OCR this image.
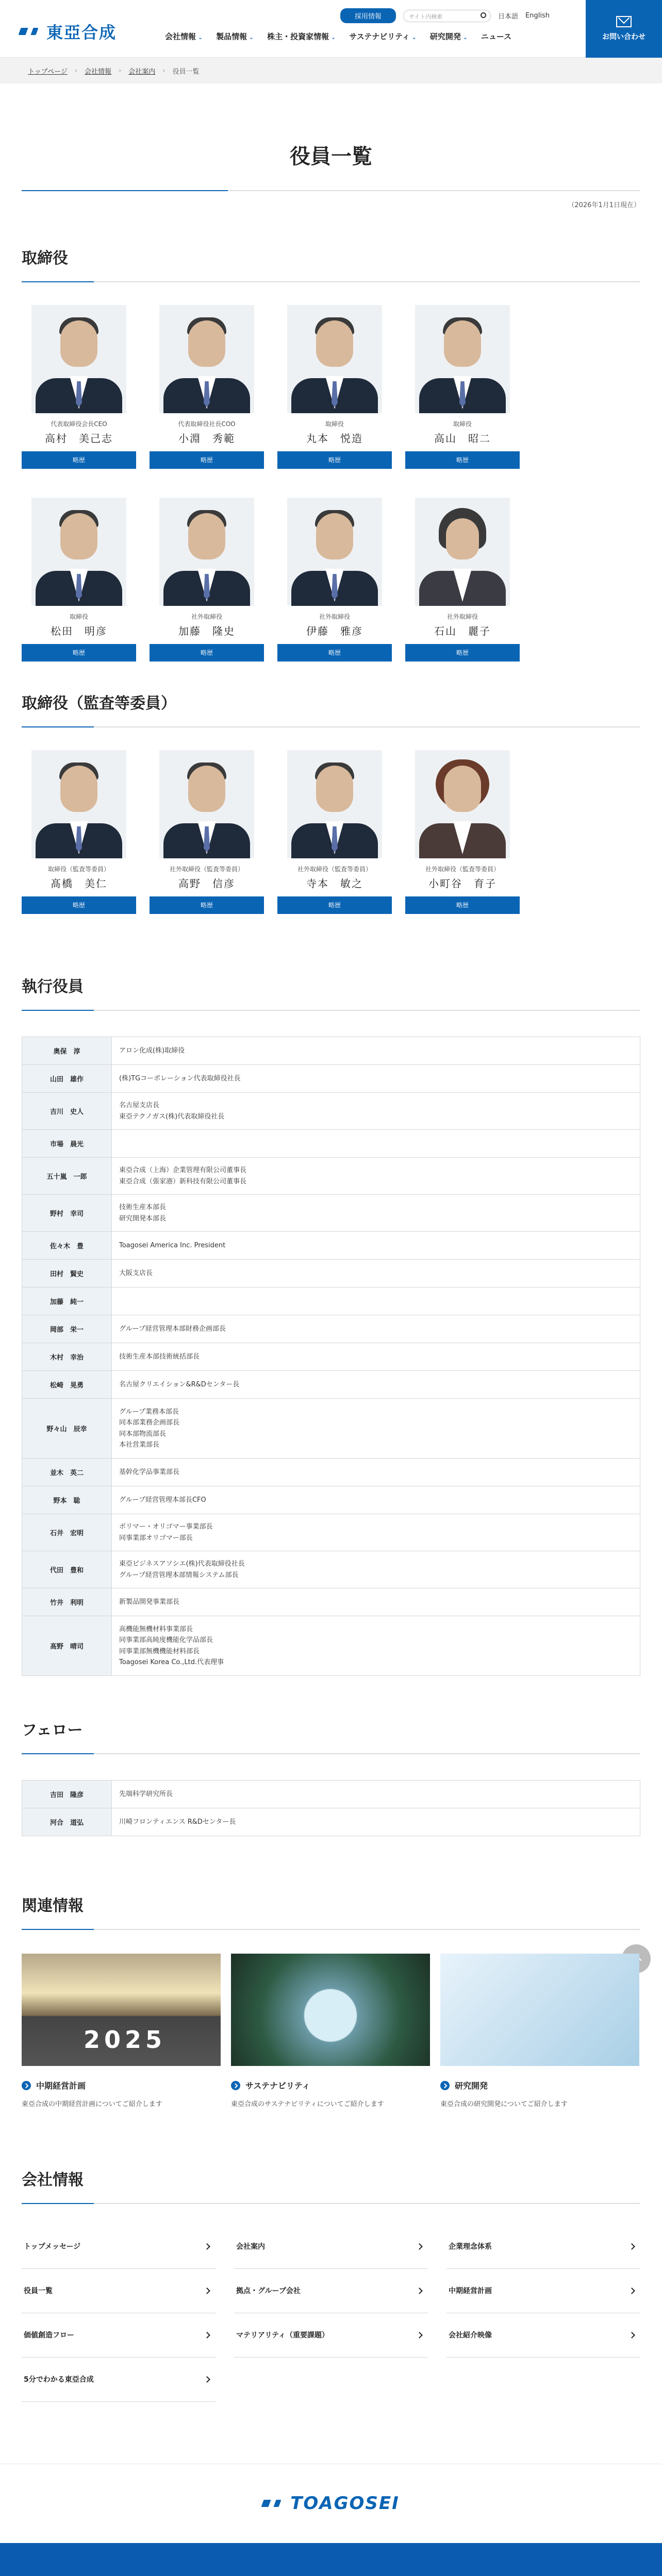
東亞合成
採用情報	サイト内検索	日本語 English
会社情報 ⌄	製品情報 ⌄	株主・投資家情報 ⌄	サステナビリティ ⌄	研究開発 ⌄	ニュース	お問い合わせ
トップページ › 会社情報 › 会社案内 › 役員一覧
役員一覧
（2026年1月1日現在）
取締役
代表取締役会長CEO
高村　美己志
略歴
代表取締役社長COO
小淵　秀範
略歴
取締役
丸本　悦造
略歴
取締役
高山　昭二
略歴
取締役
松田　明彦
略歴
社外取締役
加藤　隆史
略歴
社外取締役
伊藤　雅彦
略歴
社外取締役
石山　麗子
略歴
取締役（監査等委員）
取締役（監査等委員）
髙橋　美仁
略歴
社外取締役（監査等委員）
高野　信彦
略歴
社外取締役（監査等委員）
寺本　敏之
略歴
社外取締役（監査等委員）
小町谷　育子
略歴
執行役員
奥保　淳	アロン化成(株)取締役

山田　雄作	(株)TGコーポレーション代表取締役社長

吉川　史人	名古屋支店長
東亞テクノガス(株)代表取締役社長

市場　晨光	

五十嵐　一郎	東亞合成（上海）企業管理有限公司董事長
東亞合成（張家港）新科技有限公司董事長

野村　幸司	技術生産本部長
研究開発本部長

佐々木　豊	Toagosei America Inc. President

田村　賢史	大阪支店長

加藤　純一	

岡部　栄一	グループ経営管理本部財務企画部長

木村　幸治	技術生産本部技術統括部長

松崎　晃勇	名古屋クリエイション&R&Dセンター長

野々山　辰幸	グループ業務本部長
同本部業務企画部長
同本部物流部長
本社営業部長

並木　英二	基幹化学品事業部長

野本　聡	グループ経営管理本部長CFO

石井　宏明	ポリマー・オリゴマー事業部長
同事業部オリゴマー部長

代田　豊和	東亞ビジネスアソシエ(株)代表取締役社長
グループ経営管理本部情報システム部長

竹井　利明	新製品開発事業部長

髙野　晴司	高機能無機材料事業部長
同事業部高純度機能化学品部長
同事業部無機機能材料部長
Toagosei Korea Co.,Ltd.代表理事
フェロー
吉田　隆彦	先端科学研究所長

河合　道弘	川崎フロンティエンス R&Dセンター長
関連情報
2025
中期経営計画
東亞合成の中期経営計画についてご紹介します
サステナビリティ
東亞合成のサステナビリティについてご紹介します
研究開発
東亞合成の研究開発についてご紹介します
会社情報
トップメッセージ	会社案内	企業理念体系
役員一覧	拠点・グループ会社	中期経営計画
価値創造フロー	マテリアリティ（重要課題）	会社紹介映像
5分でわかる東亞合成
TOAGOSEI
